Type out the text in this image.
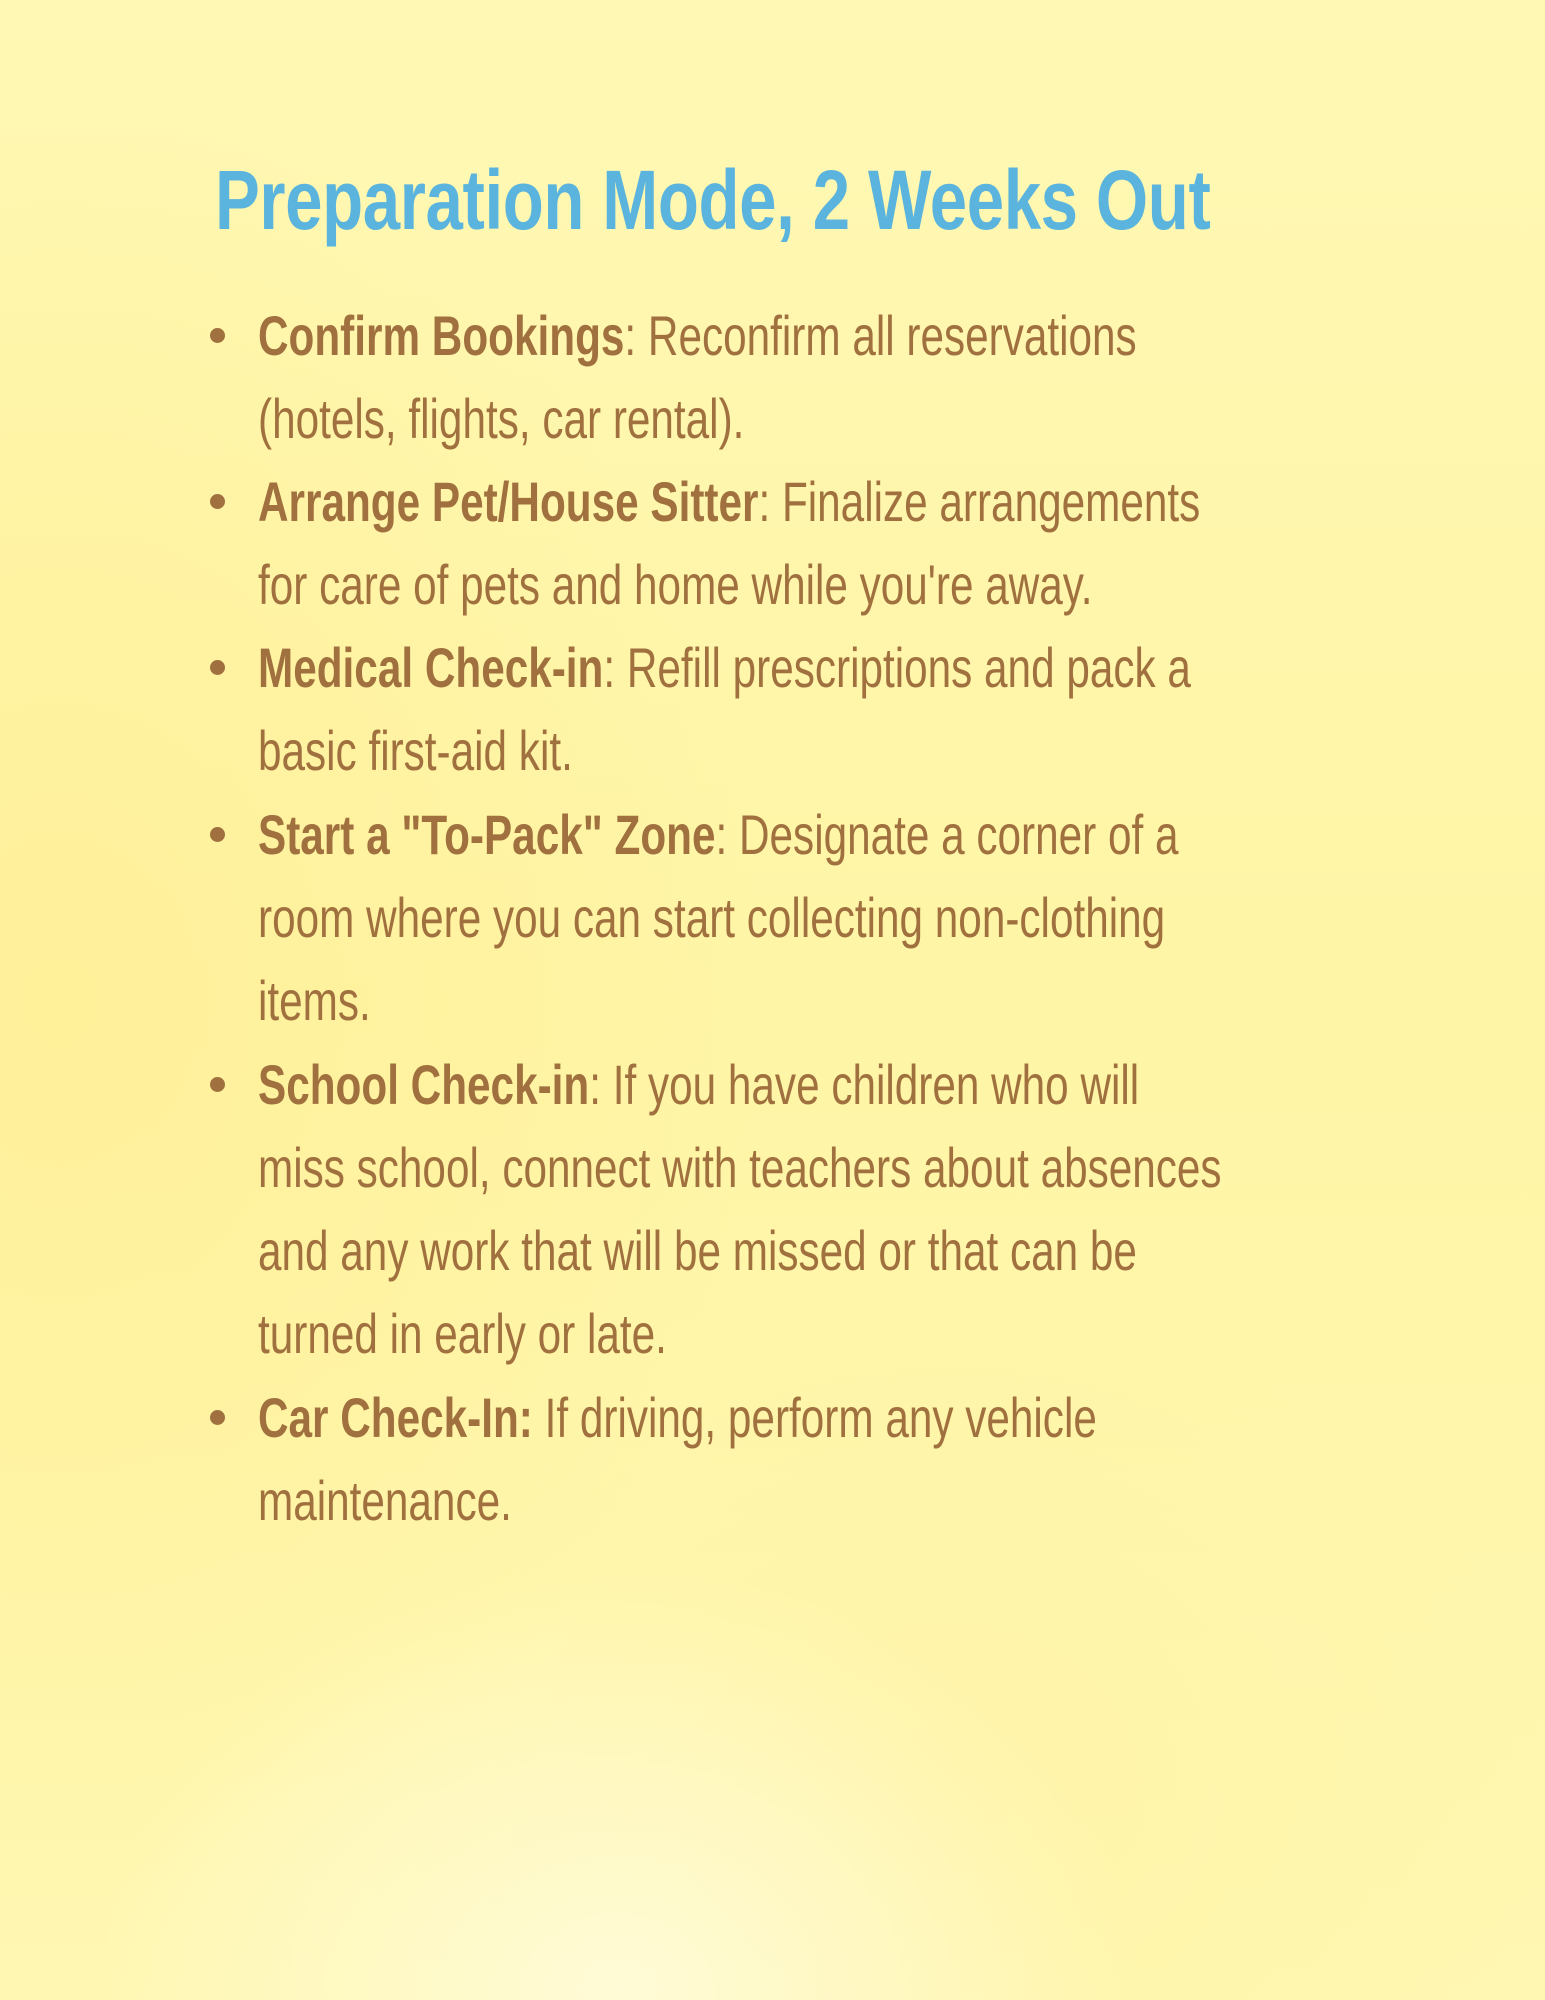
Preparation Mode, 2 Weeks Out
Confirm Bookings: Reconfirm all reservations
(hotels, flights, car rental).
Arrange Pet/House Sitter: Finalize arrangements
for care of pets and home while you're away.
Medical Check-in: Refill prescriptions and pack a
basic first-aid kit.
Start a "To-Pack" Zone: Designate a corner of a
room where you can start collecting non-clothing
items.
School Check-in: If you have children who will
miss school, connect with teachers about absences
and any work that will be missed or that can be
turned in early or late.
Car Check-In: If driving, perform any vehicle
maintenance.
